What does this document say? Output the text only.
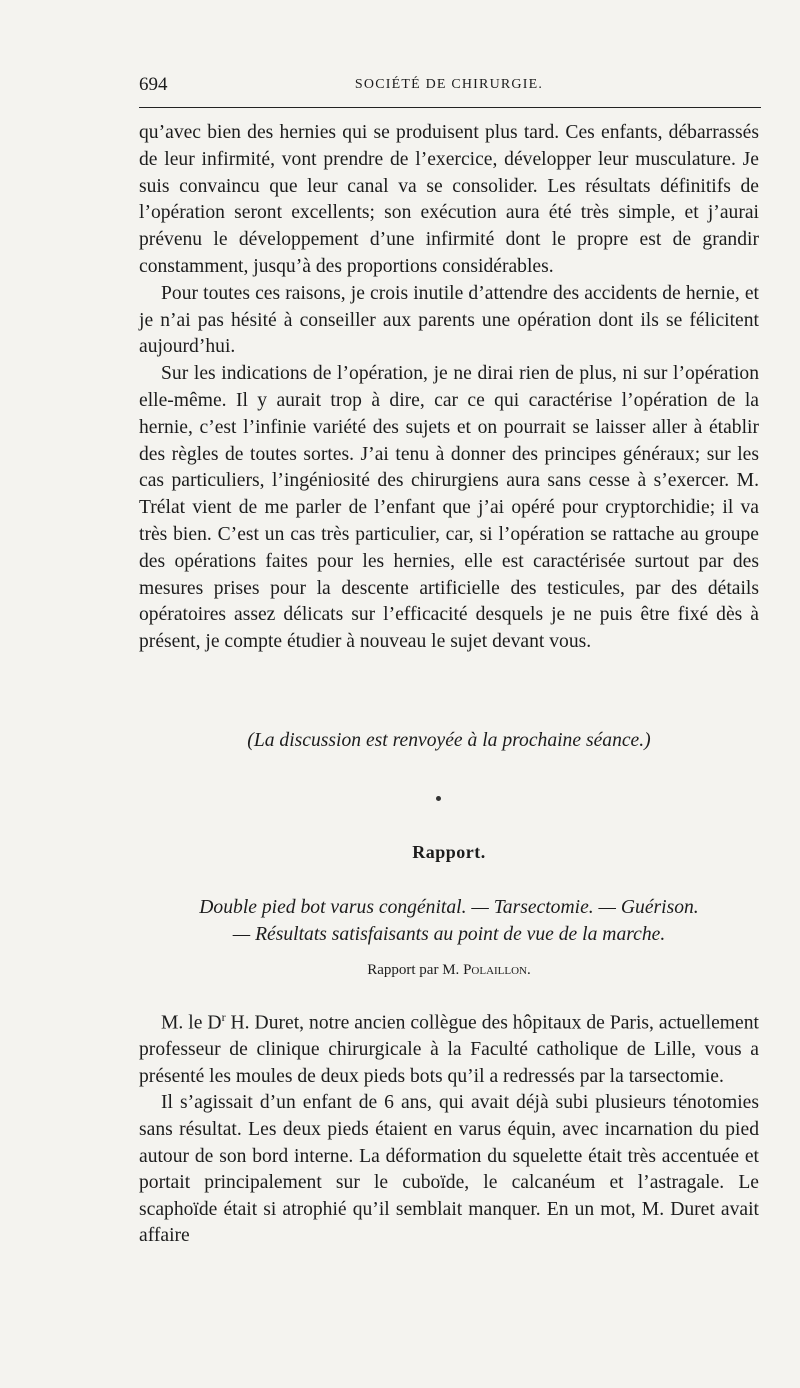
694	SOCIÉTÉ DE CHIRURGIE.

qu’avec bien des hernies qui se produisent plus tard. Ces enfants, débarrassés de leur infirmité, vont prendre de l’exercice, développer leur musculature. Je suis convaincu que leur canal va se consolider. Les résultats définitifs de l’opération seront excellents; son exécution aura été très simple, et j’aurai prévenu le développement d’une infirmité dont le propre est de grandir constamment, jusqu’à des proportions considérables.

Pour toutes ces raisons, je crois inutile d’attendre des accidents de hernie, et je n’ai pas hésité à conseiller aux parents une opération dont ils se félicitent aujourd’hui.

Sur les indications de l’opération, je ne dirai rien de plus, ni sur l’opération elle-même. Il y aurait trop à dire, car ce qui caractérise l’opération de la hernie, c’est l’infinie variété des sujets et on pourrait se laisser aller à établir des règles de toutes sortes. J’ai tenu à donner des principes généraux; sur les cas particuliers, l’ingéniosité des chirurgiens aura sans cesse à s’exercer. M. Trélat vient de me parler de l’enfant que j’ai opéré pour cryptorchidie; il va très bien. C’est un cas très particulier, car, si l’opération se rattache au groupe des opérations faites pour les hernies, elle est caractérisée surtout par des mesures prises pour la descente artificielle des testicules, par des détails opératoires assez délicats sur l’efficacité desquels je ne puis être fixé dès à présent, je compte étudier à nouveau le sujet devant vous.

(La discussion est renvoyée à la prochaine séance.)
Rapport.
Double pied bot varus congénital. — Tarsectomie. — Guérison.
— Résultats satisfaisants au point de vue de la marche.
Rapport par M. Polaillon.

M. le $D^r$ H. Duret, notre ancien collègue des hôpitaux de Paris, actuellement professeur de clinique chirurgicale à la Faculté catholique de Lille, vous a présenté les moules de deux pieds bots qu’il a redressés par la tarsectomie.

Il s’agissait d’un enfant de 6 ans, qui avait déjà subi plusieurs ténotomies sans résultat. Les deux pieds étaient en varus équin, avec incarnation du pied autour de son bord interne. La déformation du squelette était très accentuée et portait principalement sur le cuboïde, le calcanéum et l’astragale. Le scaphoïde était si atrophié qu’il semblait manquer. En un mot, M. Duret avait affaire
